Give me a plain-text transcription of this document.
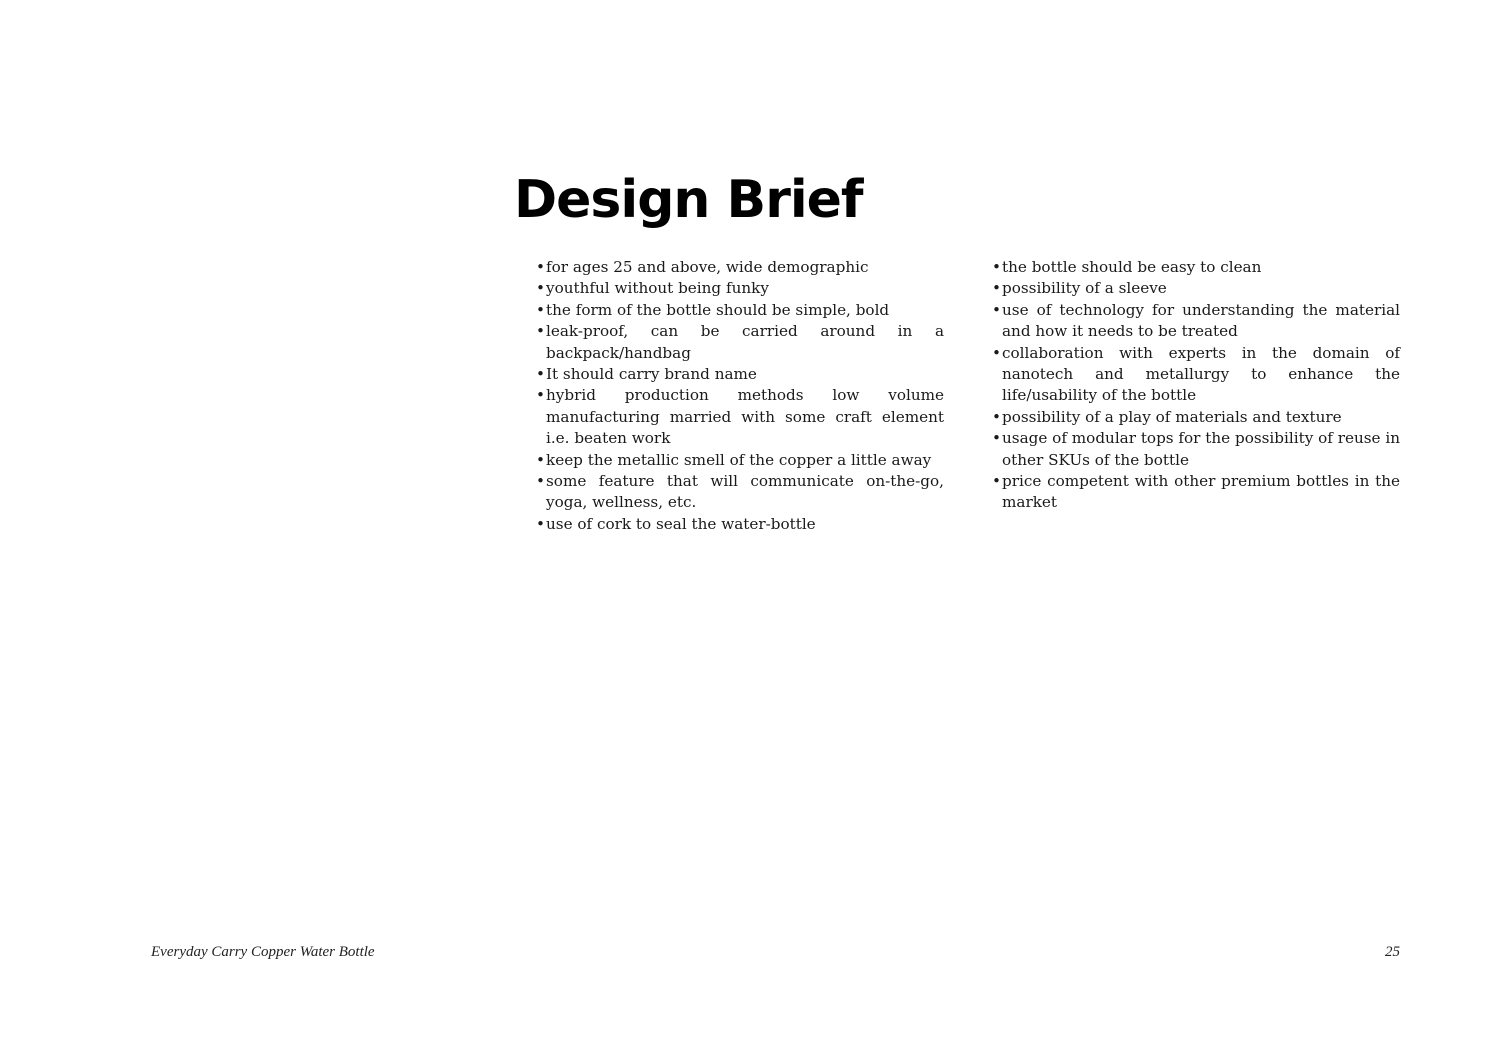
Design Brief
• for ages 25 and above, wide demographic
• youthful without being funky
• the form of the bottle should be simple, bold
• leak-proof, can be carried around in a backpack/handbag
• It should carry brand name
• hybrid production methods low volume manufacturing married with some craft element i.e. beaten work
• keep the metallic smell of the copper a little away
• some feature that will communicate on-the-go, yoga, wellness, etc.
• use of cork to seal the water-bottle
• the bottle should be easy to clean
• possibility of a sleeve
• use of technology for understanding the material and how it needs to be treated
• collaboration with experts in the domain of nanotech and metallurgy to enhance the life/usability of the bottle
• possibility of a play of materials and texture
• usage of modular tops for the possibility of reuse in other SKUs of the bottle
• price competent with other premium bottles in the market
Everyday Carry Copper Water Bottle	25
